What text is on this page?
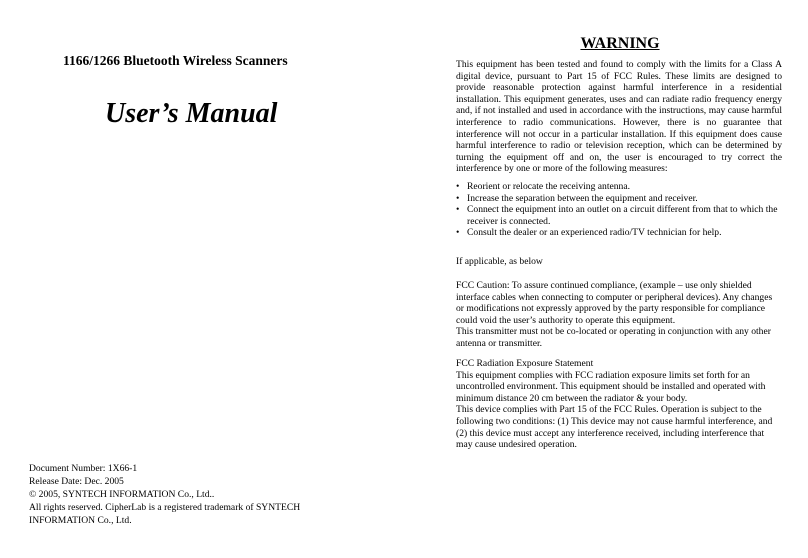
1166/1266 Bluetooth Wireless Scanners
User’s Manual
Document Number: 1X66-1
Release Date: Dec. 2005
© 2005, SYNTECH INFORMATION Co., Ltd..
All rights reserved. CipherLab is a registered trademark of SYNTECH
INFORMATION Co., Ltd.
WARNING
This equipment has been tested and found to comply with the limits for a Class A digital device, pursuant to Part 15 of FCC Rules. These limits are designed to provide reasonable protection against harmful interference in a residential installation. This equipment generates, uses and can radiate radio frequency energy and, if not installed and used in accordance with the instructions, may cause harmful interference to radio communications. However, there is no guarantee that interference will not occur in a particular installation. If this equipment does cause harmful interference to radio or television reception, which can be determined by turning the equipment off and on, the user is encouraged to try correct the interference by one or more of the following measures:
• Reorient or relocate the receiving antenna.
• Increase the separation between the equipment and receiver.
• Connect the equipment into an outlet on a circuit different from that to which the receiver is connected.
• Consult the dealer or an experienced radio/TV technician for help.
If applicable, as below
FCC Caution: To assure continued compliance, (example – use only shielded
interface cables when connecting to computer or peripheral devices). Any changes
or modifications not expressly approved by the party responsible for compliance
could void the user’s authority to operate this equipment.
This transmitter must not be co-located or operating in conjunction with any other
antenna or transmitter.
FCC Radiation Exposure Statement
This equipment complies with FCC radiation exposure limits set forth for an
uncontrolled environment. This equipment should be installed and operated with
minimum distance 20 cm between the radiator & your body.
This device complies with Part 15 of the FCC Rules. Operation is subject to the
following two conditions: (1) This device may not cause harmful interference, and
(2) this device must accept any interference received, including interference that
may cause undesired operation.
